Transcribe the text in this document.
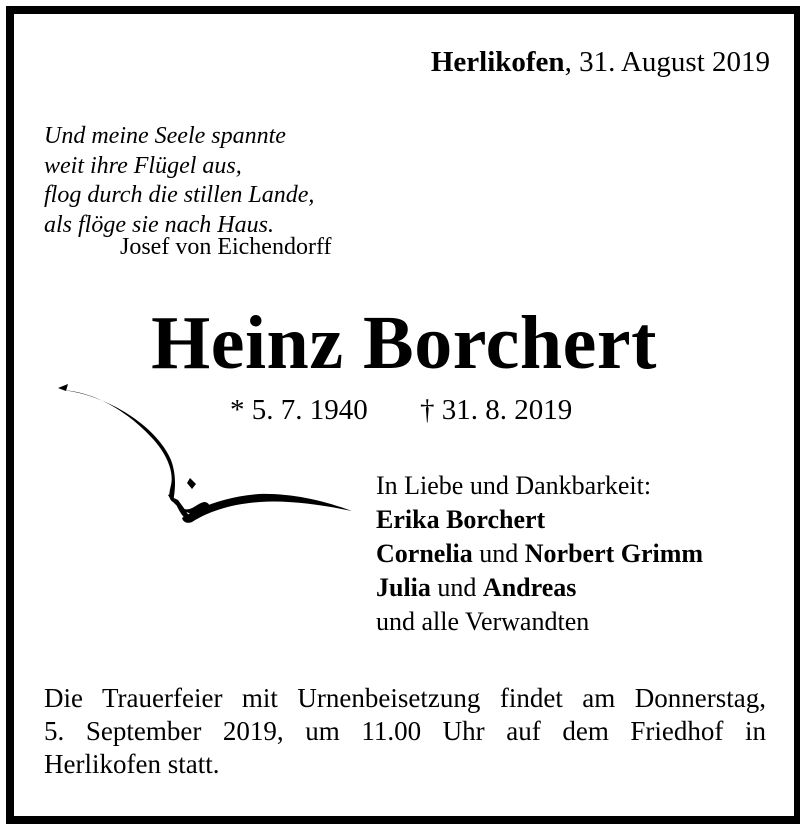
Herlikofen, 31. August 2019
Und meine Seele spannte
weit ihre Flügel aus,
flog durch die stillen Lande,
als flöge sie nach Haus.
Josef von Eichendorff
Heinz Borchert
* 5. 7. 1940 † 31. 8. 2019
In Liebe und Dankbarkeit:
Erika Borchert
Cornelia und Norbert Grimm
Julia und Andreas
und alle Verwandten
Die Trauerfeier mit Urnenbeisetzung findet am Donnerstag,
5. September 2019, um 11.00 Uhr auf dem Friedhof in
Herlikofen statt.
